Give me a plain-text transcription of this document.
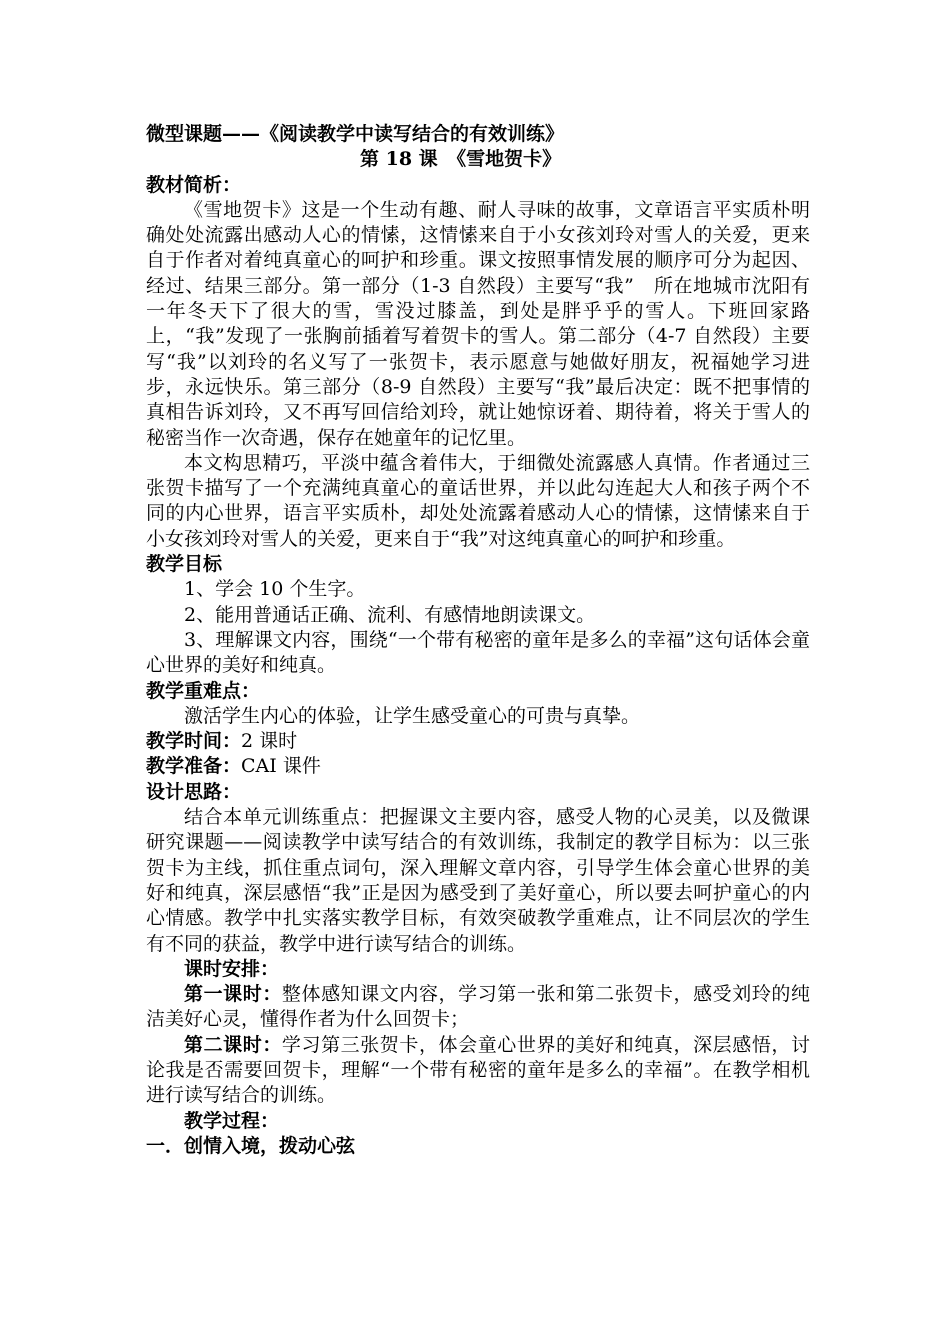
微型课题——《阅读教学中读写结合的有效训练》
第 18 课　《雪地贺卡》
教材简析：
《雪地贺卡》这是一个生动有趣、耐人寻味的故事，文章语言平实质朴明确处处流露出感动人心的情愫，这情愫来自于小女孩刘玲对雪人的关爱，更来自于作者对着纯真童心的呵护和珍重。课文按照事情发展的顺序可分为起因、经过、结果三部分。第一部分（1-3 自然段）主要写“我”　所在地城市沈阳有一年冬天下了很大的雪，雪没过膝盖，到处是胖乎乎的雪人。下班回家路上，“我”发现了一张胸前插着写着贺卡的雪人。第二部分（4-7 自然段）主要写“我”以刘玲的名义写了一张贺卡，表示愿意与她做好朋友，祝福她学习进步，永远快乐。第三部分（8-9 自然段）主要写“我”最后决定：既不把事情的真相告诉刘玲，又不再写回信给刘玲，就让她惊讶着、期待着，将关于雪人的秘密当作一次奇遇，保存在她童年的记忆里。
本文构思精巧，平淡中蕴含着伟大，于细微处流露感人真情。作者通过三张贺卡描写了一个充满纯真童心的童话世界，并以此勾连起大人和孩子两个不同的内心世界，语言平实质朴，却处处流露着感动人心的情愫，这情愫来自于小女孩刘玲对雪人的关爱，更来自于“我”对这纯真童心的呵护和珍重。
教学目标
1、学会 10 个生字。
2、能用普通话正确、流利、有感情地朗读课文。
3、理解课文内容，围绕“一个带有秘密的童年是多么的幸福”这句话体会童心世界的美好和纯真。
教学重难点：
激活学生内心的体验，让学生感受童心的可贵与真挚。
教学时间：2 课时
教学准备：CAI 课件
设计思路：
结合本单元训练重点：把握课文主要内容，感受人物的心灵美，以及微课研究课题——阅读教学中读写结合的有效训练，我制定的教学目标为：以三张贺卡为主线，抓住重点词句，深入理解文章内容，引导学生体会童心世界的美好和纯真，深层感悟“我”正是因为感受到了美好童心，所以要去呵护童心的内心情感。教学中扎实落实教学目标，有效突破教学重难点，让不同层次的学生有不同的获益，教学中进行读写结合的训练。
课时安排：
第一课时：整体感知课文内容，学习第一张和第二张贺卡，感受刘玲的纯洁美好心灵，懂得作者为什么回贺卡；
第二课时：学习第三张贺卡，体会童心世界的美好和纯真，深层感悟，讨论我是否需要回贺卡，理解“一个带有秘密的童年是多么的幸福”。在教学相机进行读写结合的训练。
教学过程：
一．创情入境，拨动心弦
